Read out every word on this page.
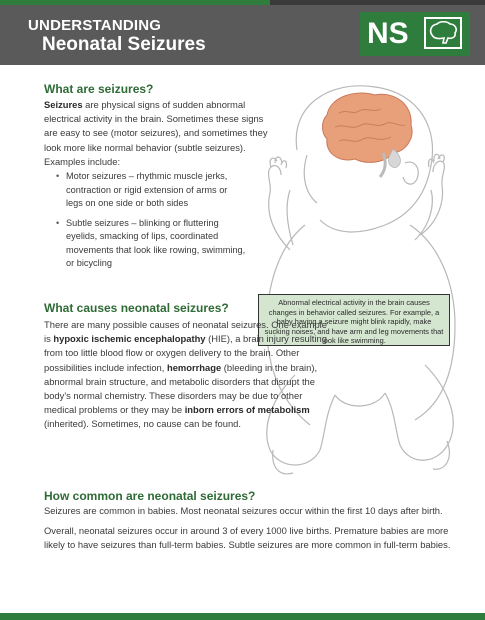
UNDERSTANDING
Neonatal Seizures	NS
What are seizures?

Seizures are physical signs of sudden abnormal electrical activity in the brain. Sometimes these signs are easy to see (motor seizures), and sometimes they look more like normal behavior (subtle seizures). Examples include:

• Motor seizures – rhythmic muscle jerks, contraction or rigid extension of arms or legs on one side or both sides
• Subtle seizures – blinking or fluttering eyelids, smacking of lips, coordinated movements that look like rowing, swimming, or bicycling
Abnormal electrical activity in the brain causes changes in behavior called seizures. For example, a baby having a seizure might blink rapidly, make sucking noises, and have arm and leg movements that look like swimming.
What causes neonatal seizures?

There are many possible causes of neonatal seizures. One example is hypoxic ischemic encephalopathy (HIE), a brain injury resulting from too little blood flow or oxygen delivery to the brain. Other possibilities include infection, hemorrhage (bleeding in the brain), abnormal brain structure, and metabolic disorders that disrupt the body's normal chemistry. These disorders may be due to other medical problems or they may be inborn errors of metabolism (inherited). Sometimes, no cause can be found.

How common are neonatal seizures?

Seizures are common in babies. Most neonatal seizures occur within the first 10 days after birth.

Overall, neonatal seizures occur in around 3 of every 1000 live births. Premature babies are more likely to have seizures than full-term babies. Subtle seizures are more common in full-term babies.
